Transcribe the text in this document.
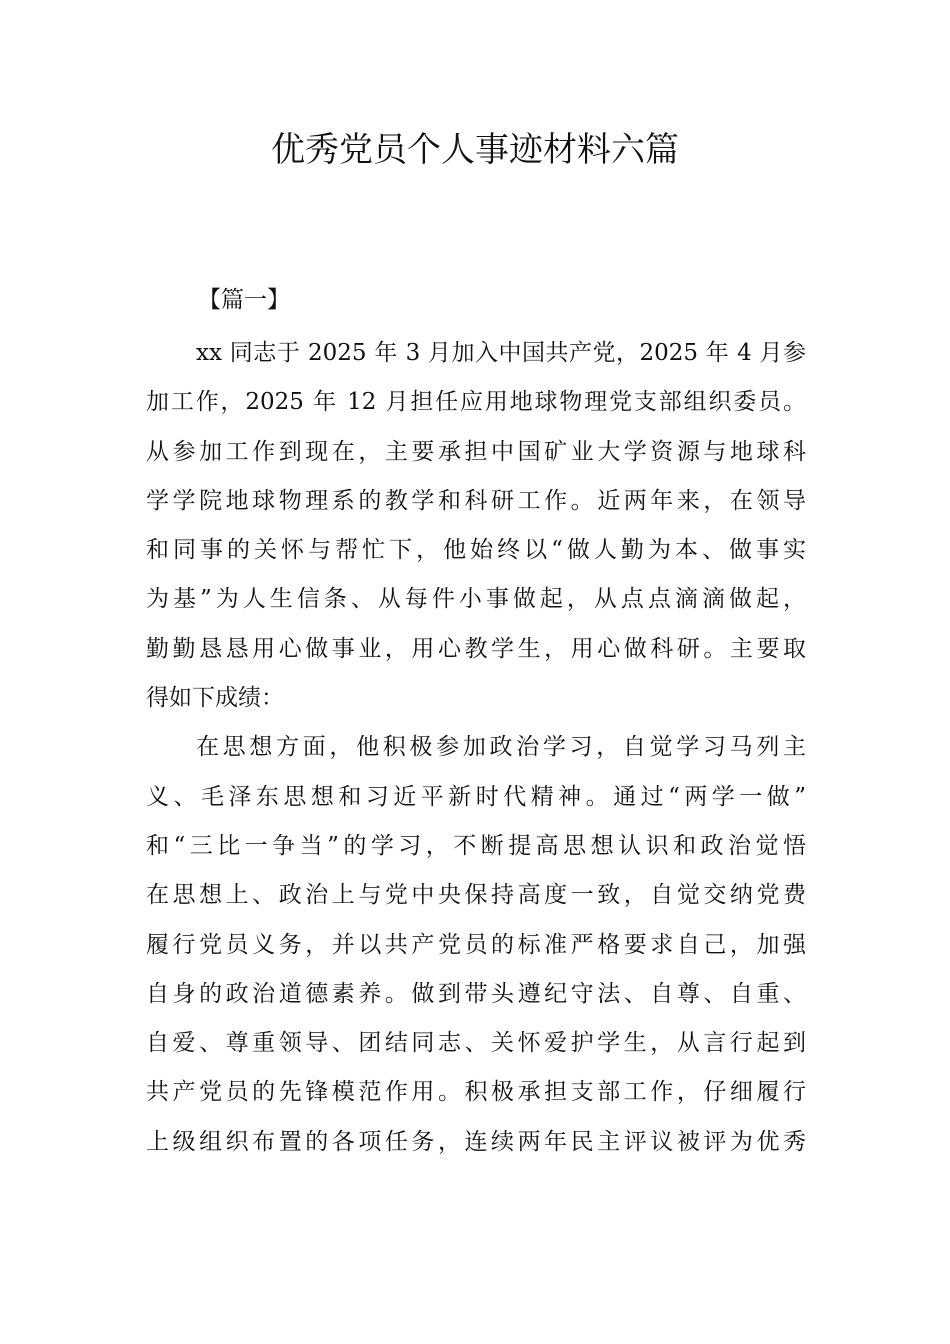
优秀党员个人事迹材料六篇
【篇一】
xx 同志于 2025 年 3 月加入中国共产党，2025 年 4 月参
加工作，2025 年 12 月担任应用地球物理党支部组织委员。
从参加工作到现在，主要承担中国矿业大学资源与地球科
学学院地球物理系的教学和科研工作。近两年来，在领导
和同事的关怀与帮忙下，他始终以“做人勤为本、做事实
为基”为人生信条、从每件小事做起，从点点滴滴做起，
勤勤恳恳用心做事业，用心教学生，用心做科研。主要取
得如下成绩：
在思想方面，他积极参加政治学习，自觉学习马列主
义、毛泽东思想和习近平新时代精神。通过“两学一做”
和“三比一争当”的学习，不断提高思想认识和政治觉悟
在思想上、政治上与党中央保持高度一致，自觉交纳党费
履行党员义务，并以共产党员的标准严格要求自己，加强
自身的政治道德素养。做到带头遵纪守法、自尊、自重、
自爱、尊重领导、团结同志、关怀爱护学生，从言行起到
共产党员的先锋模范作用。积极承担支部工作，仔细履行
上级组织布置的各项任务，连续两年民主评议被评为优秀
